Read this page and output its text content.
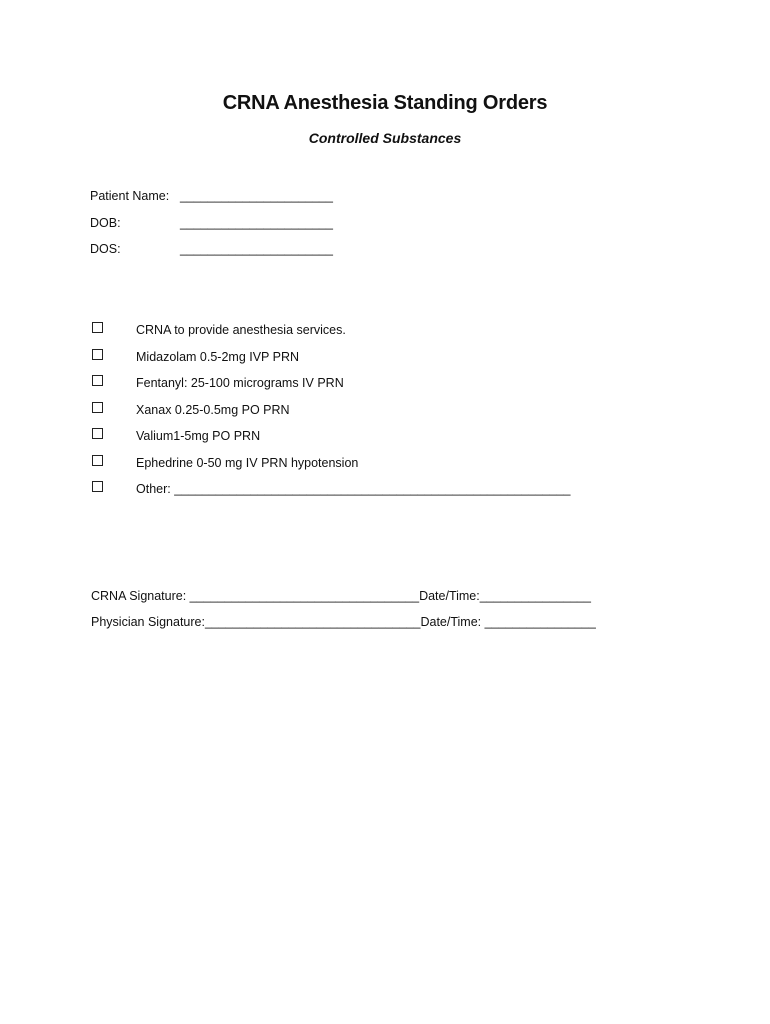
CRNA Anesthesia Standing Orders
Controlled Substances
Patient Name: ______________________
DOB:	______________________
DOS:	______________________
CRNA to provide anesthesia services.
Midazolam 0.5-2mg IVP PRN
Fentanyl: 25-100 micrograms IV PRN
Xanax 0.25-0.5mg PO PRN
Valium1-5mg PO PRN
Ephedrine 0-50 mg IV PRN hypotension
Other: _________________________________________________________
CRNA Signature: _________________________________Date/Time:________________
Physician Signature:_______________________________Date/Time: ________________
